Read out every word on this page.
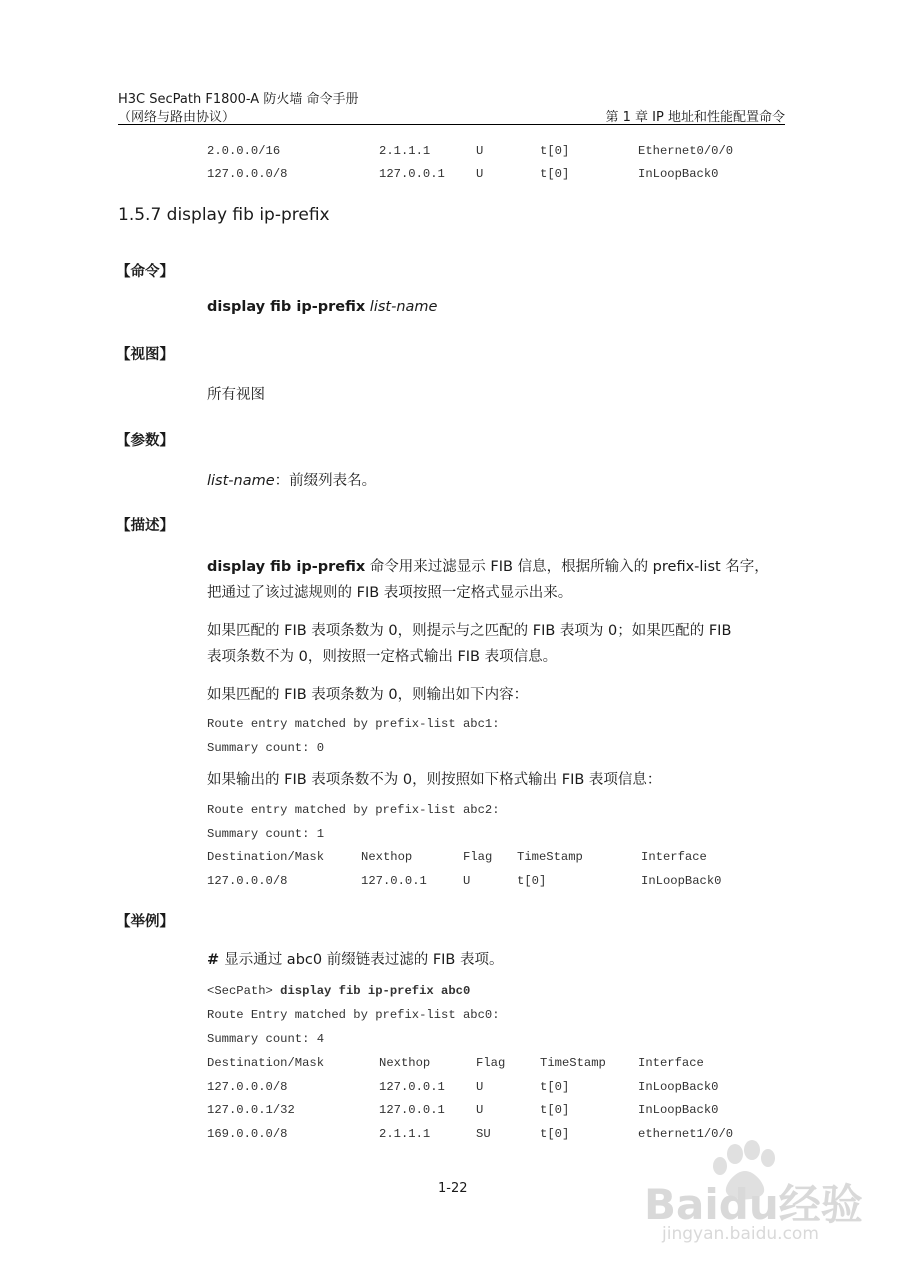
H3C SecPath F1800-A 防火墙 命令手册
（网络与路由协议）	第 1 章 IP 地址和性能配置命令
2.0.0.0/16	2.1.1.1	U	t[0]	Ethernet0/0/0
127.0.0.0/8	127.0.0.1	U	t[0]	InLoopBack0
1.5.7 display fib ip-prefix
【命令】
display fib ip-prefix list-name
【视图】
所有视图
【参数】
list-name：前缀列表名。
【描述】
display fib ip-prefix 命令用来过滤显示 FIB 信息，根据所输入的 prefix-list 名字，
把通过了该过滤规则的 FIB 表项按照一定格式显示出来。
如果匹配的 FIB 表项条数为 0，则提示与之匹配的 FIB 表项为 0；如果匹配的 FIB
表项条数不为 0，则按照一定格式输出 FIB 表项信息。
如果匹配的 FIB 表项条数为 0，则输出如下内容：
Route entry matched by prefix-list abc1:
Summary count: 0
如果输出的 FIB 表项条数不为 0，则按照如下格式输出 FIB 表项信息：
Route entry matched by prefix-list abc2:
Summary count: 1
Destination/Mask	Nexthop	Flag TimeStamp	Interface
127.0.0.0/8	127.0.0.1	U	t[0]	InLoopBack0
【举例】
# 显示通过 abc0 前缀链表过滤的 FIB 表项。
<SecPath> display fib ip-prefix abc0
Route Entry matched by prefix-list abc0:
Summary count: 4
Destination/Mask	Nexthop	Flag	TimeStamp	Interface
127.0.0.0/8	127.0.0.1	U	t[0]	InLoopBack0
127.0.0.1/32	127.0.0.1	U	t[0]	InLoopBack0
169.0.0.0/8	2.1.1.1	SU	t[0]	ethernet1/0/0
1-22	Baidu经验
jingyan.baidu.com
